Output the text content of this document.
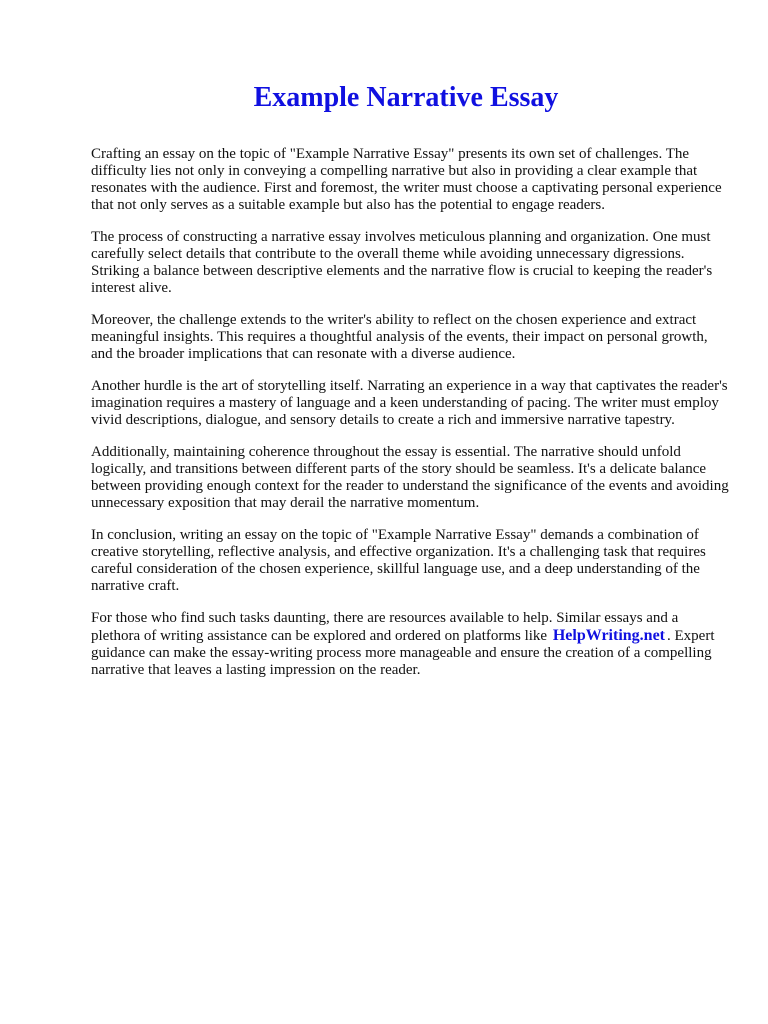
Example Narrative Essay

Crafting an essay on the topic of "Example Narrative Essay" presents its own set of challenges. The difficulty lies not only in conveying a compelling narrative but also in providing a clear example that resonates with the audience. First and foremost, the writer must choose a captivating personal experience that not only serves as a suitable example but also has the potential to engage readers.

The process of constructing a narrative essay involves meticulous planning and organization. One must carefully select details that contribute to the overall theme while avoiding unnecessary digressions. Striking a balance between descriptive elements and the narrative flow is crucial to keeping the reader's interest alive.

Moreover, the challenge extends to the writer's ability to reflect on the chosen experience and extract meaningful insights. This requires a thoughtful analysis of the events, their impact on personal growth, and the broader implications that can resonate with a diverse audience.

Another hurdle is the art of storytelling itself. Narrating an experience in a way that captivates the reader's imagination requires a mastery of language and a keen understanding of pacing. The writer must employ vivid descriptions, dialogue, and sensory details to create a rich and immersive narrative tapestry.

Additionally, maintaining coherence throughout the essay is essential. The narrative should unfold logically, and transitions between different parts of the story should be seamless. It's a delicate balance between providing enough context for the reader to understand the significance of the events and avoiding unnecessary exposition that may derail the narrative momentum.

In conclusion, writing an essay on the topic of "Example Narrative Essay" demands a combination of creative storytelling, reflective analysis, and effective organization. It's a challenging task that requires careful consideration of the chosen experience, skillful language use, and a deep understanding of the narrative craft.

For those who find such tasks daunting, there are resources available to help. Similar essays and a plethora of writing assistance can be explored and ordered on platforms like HelpWriting.net . Expert guidance can make the essay-writing process more manageable and ensure the creation of a compelling narrative that leaves a lasting impression on the reader.
